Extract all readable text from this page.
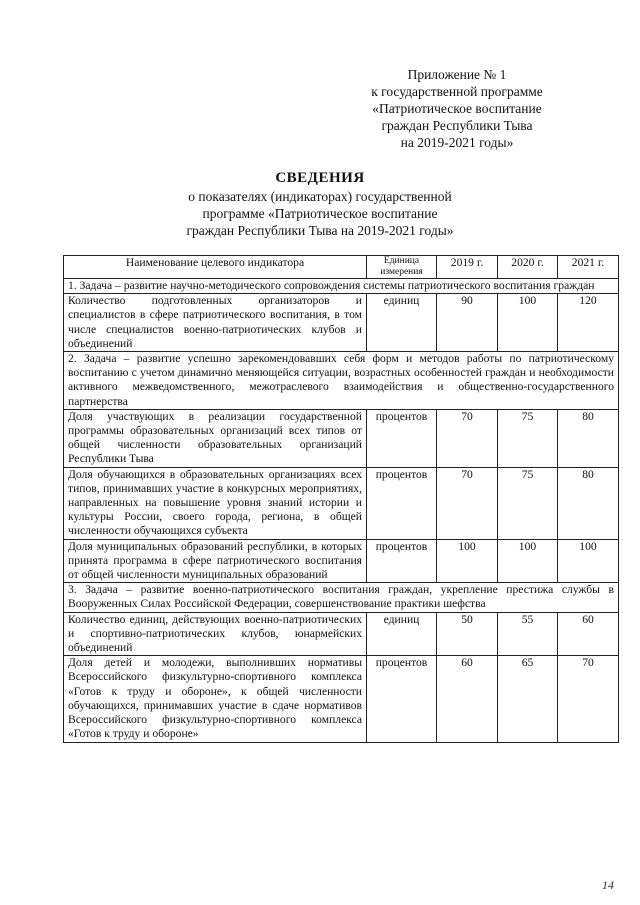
Приложение № 1
к государственной программе
«Патриотическое воспитание
граждан Республики Тыва
на 2019-2021 годы»
СВЕДЕНИЯ
о показателях (индикаторах) государственной
программе «Патриотическое воспитание
граждан Республики Тыва на 2019-2021 годы»
Наименование целевого индикатора	Единица измерения	2019 г.	2020 г.	2021 г.
1. Задача – развитие научно-методического сопровождения системы патриотического воспитания граждан				
Количество подготовленных организаторов и специалистов в сфере патриотического воспитания, в том числе специалистов военно-патриотических клубов и объединений	единиц	90	100	120
2. Задача – развитие успешно зарекомендовавших себя форм и методов работы по патриотическому воспитанию с учетом динамично меняющейся ситуации, возрастных особенностей граждан и необходимости активного межведомственного, межотраслевого взаимодействия и общественно-государственного партнерства				
Доля участвующих в реализации государственной программы образовательных организаций всех типов от общей численности образовательных организаций Республики Тыва	процентов	70	75	80
Доля обучающихся в образовательных организациях всех типов, принимавших участие в конкурсных мероприятиях, направленных на повышение уровня знаний истории и культуры России, своего города, региона, в общей численности обучающихся субъекта	процентов	70	75	80
Доля муниципальных образований республики, в которых принята программа в сфере патриотического воспитания от общей численности муниципальных образований	процентов	100	100	100
3. Задача – развитие военно-патриотического воспитания граждан, укрепление престижа службы в Вооруженных Силах Российской Федерации, совершенствование практики шефства				
Количество единиц, действующих военно-патриотических и спортивно-патриотических клубов, юнармейских объединений	единиц	50	55	60
Доля детей и молодежи, выполнивших нормативы Всероссийского физкультурно-спортивного комплекса «Готов к труду и обороне», к общей численности обучающихся, принимавших участие в сдаче нормативов Всероссийского физкультурно-спортивного комплекса «Готов к труду и обороне»	процентов	60	65	70
14
